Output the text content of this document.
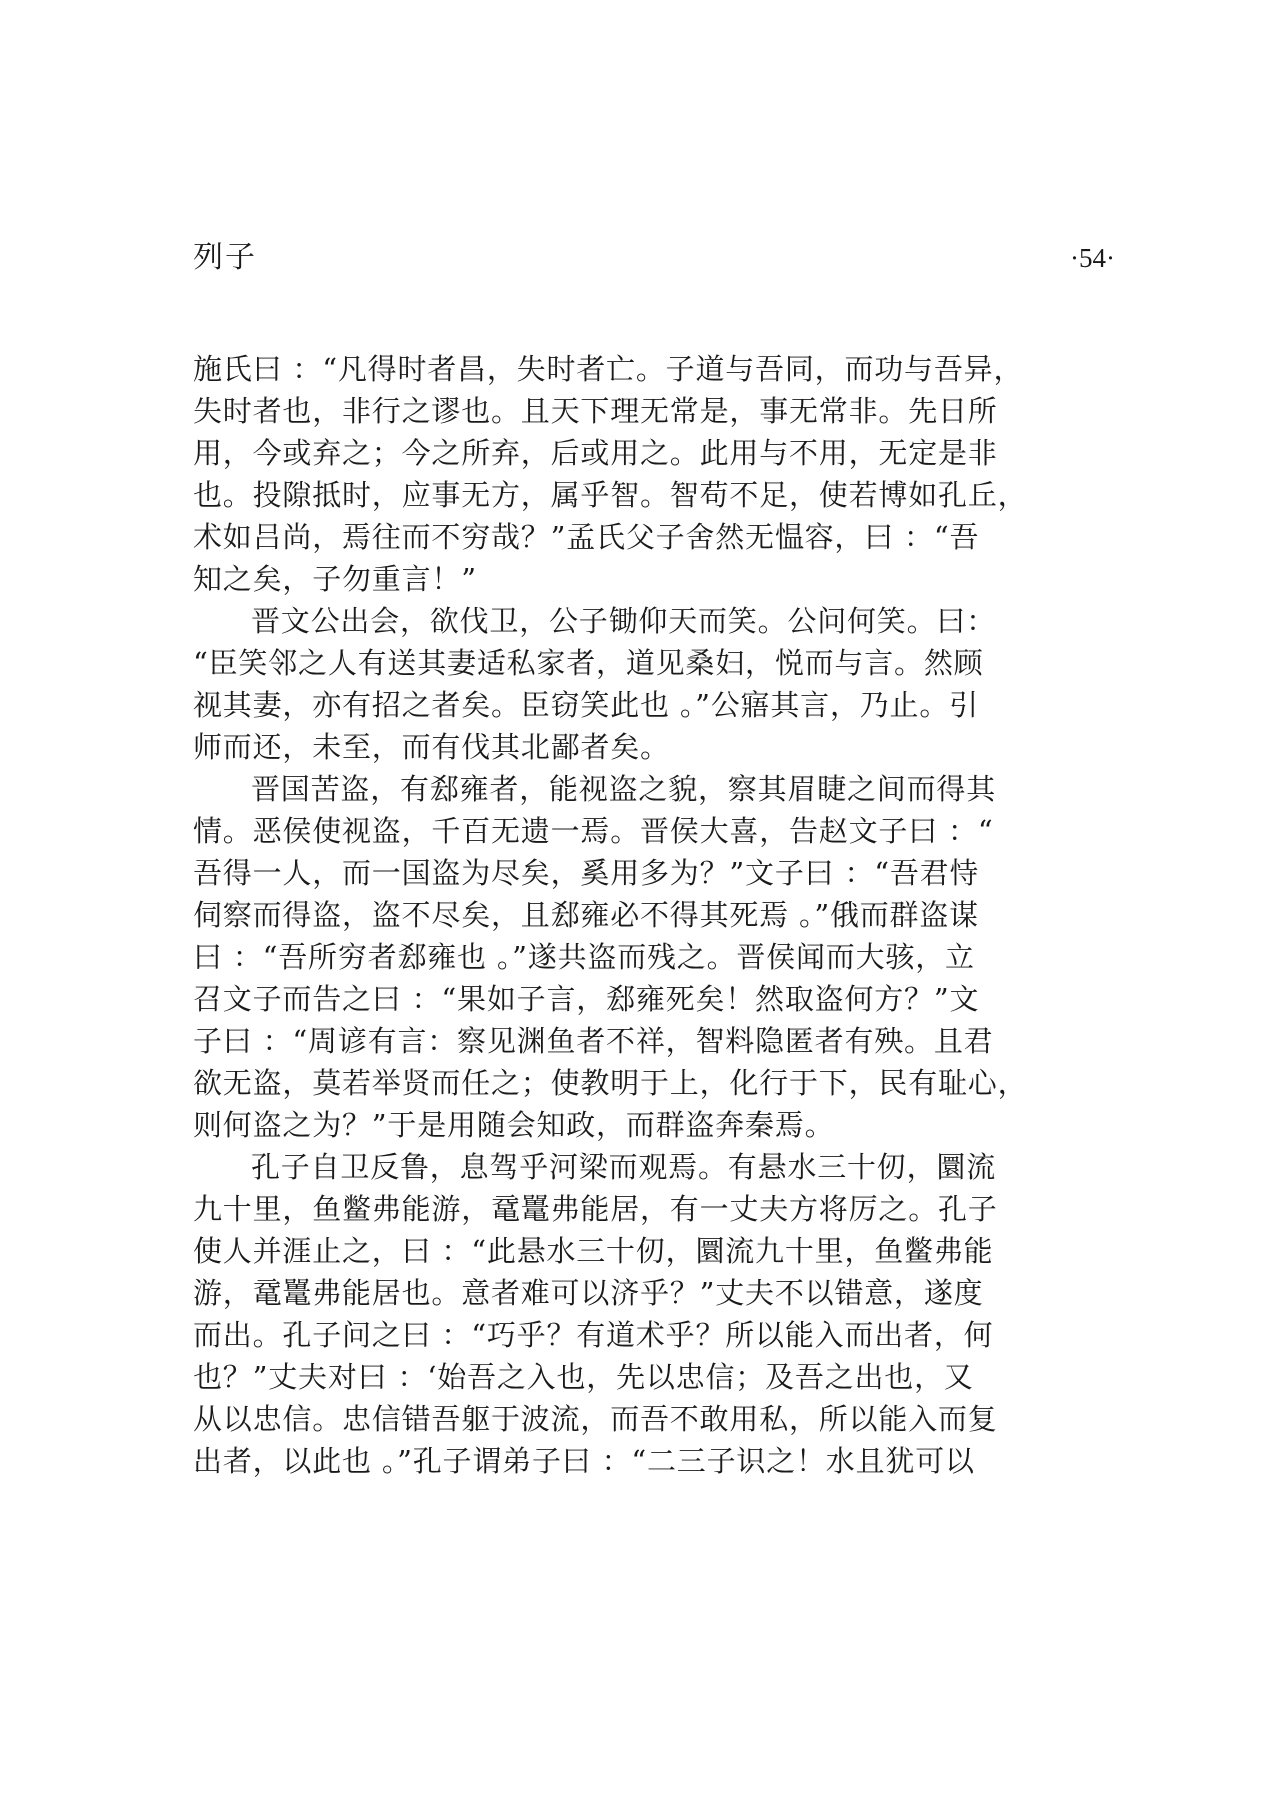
列子	·54·
施氏曰 ：“凡得时者昌，失时者亡。子道与吾同，而功与吾异，
失时者也，非行之谬也。且天下理无常是，事无常非。先日所
用，今或弃之；今之所弃，后或用之。此用与不用，无定是非
也。投隙抵时，应事无方，属乎智。智苟不足，使若博如孔丘，
术如吕尚，焉往而不穷哉？”孟氏父子舍然无愠容，曰 ：“吾
知之矣，子勿重言！”
晋文公出会，欲伐卫，公子锄仰天而笑。公问何笑。曰：
“臣笑邻之人有送其妻适私家者，道见桑妇，悦而与言。然顾
视其妻，亦有招之者矣。臣窃笑此也 。”公寤其言，乃止。引
师而还，未至，而有伐其北鄙者矣。
晋国苦盗，有郄雍者，能视盗之貌，察其眉睫之间而得其
情。恶侯使视盗，千百无遗一焉。晋侯大喜，告赵文子曰 ：“
吾得一人，而一国盗为尽矣，奚用多为？”文子曰 ：“吾君恃
伺察而得盗，盗不尽矣，且郄雍必不得其死焉 。”俄而群盗谋
曰 ：“吾所穷者郄雍也 。”遂共盗而残之。晋侯闻而大骇，立
召文子而告之曰 ：“果如子言，郄雍死矣！然取盗何方？”文
子曰 ：“周谚有言：察见渊鱼者不祥，智料隐匿者有殃。且君
欲无盗，莫若举贤而任之；使教明于上，化行于下，民有耻心，
则何盗之为？”于是用随会知政，而群盗奔秦焉。
孔子自卫反鲁，息驾乎河梁而观焉。有悬水三十仞，圜流
九十里，鱼鳖弗能游，鼋鼍弗能居，有一丈夫方将厉之。孔子
使人并涯止之，曰 ：“此悬水三十仞，圜流九十里，鱼鳖弗能
游，鼋鼍弗能居也。意者难可以济乎？”丈夫不以错意，遂度
而出。孔子问之曰 ：“巧乎？有道术乎？所以能入而出者，何
也？”丈夫对曰 ：‘始吾之入也，先以忠信；及吾之出也，又
从以忠信。忠信错吾躯于波流，而吾不敢用私，所以能入而复
出者，以此也 。”孔子谓弟子曰 ：“二三子识之！水且犹可以
